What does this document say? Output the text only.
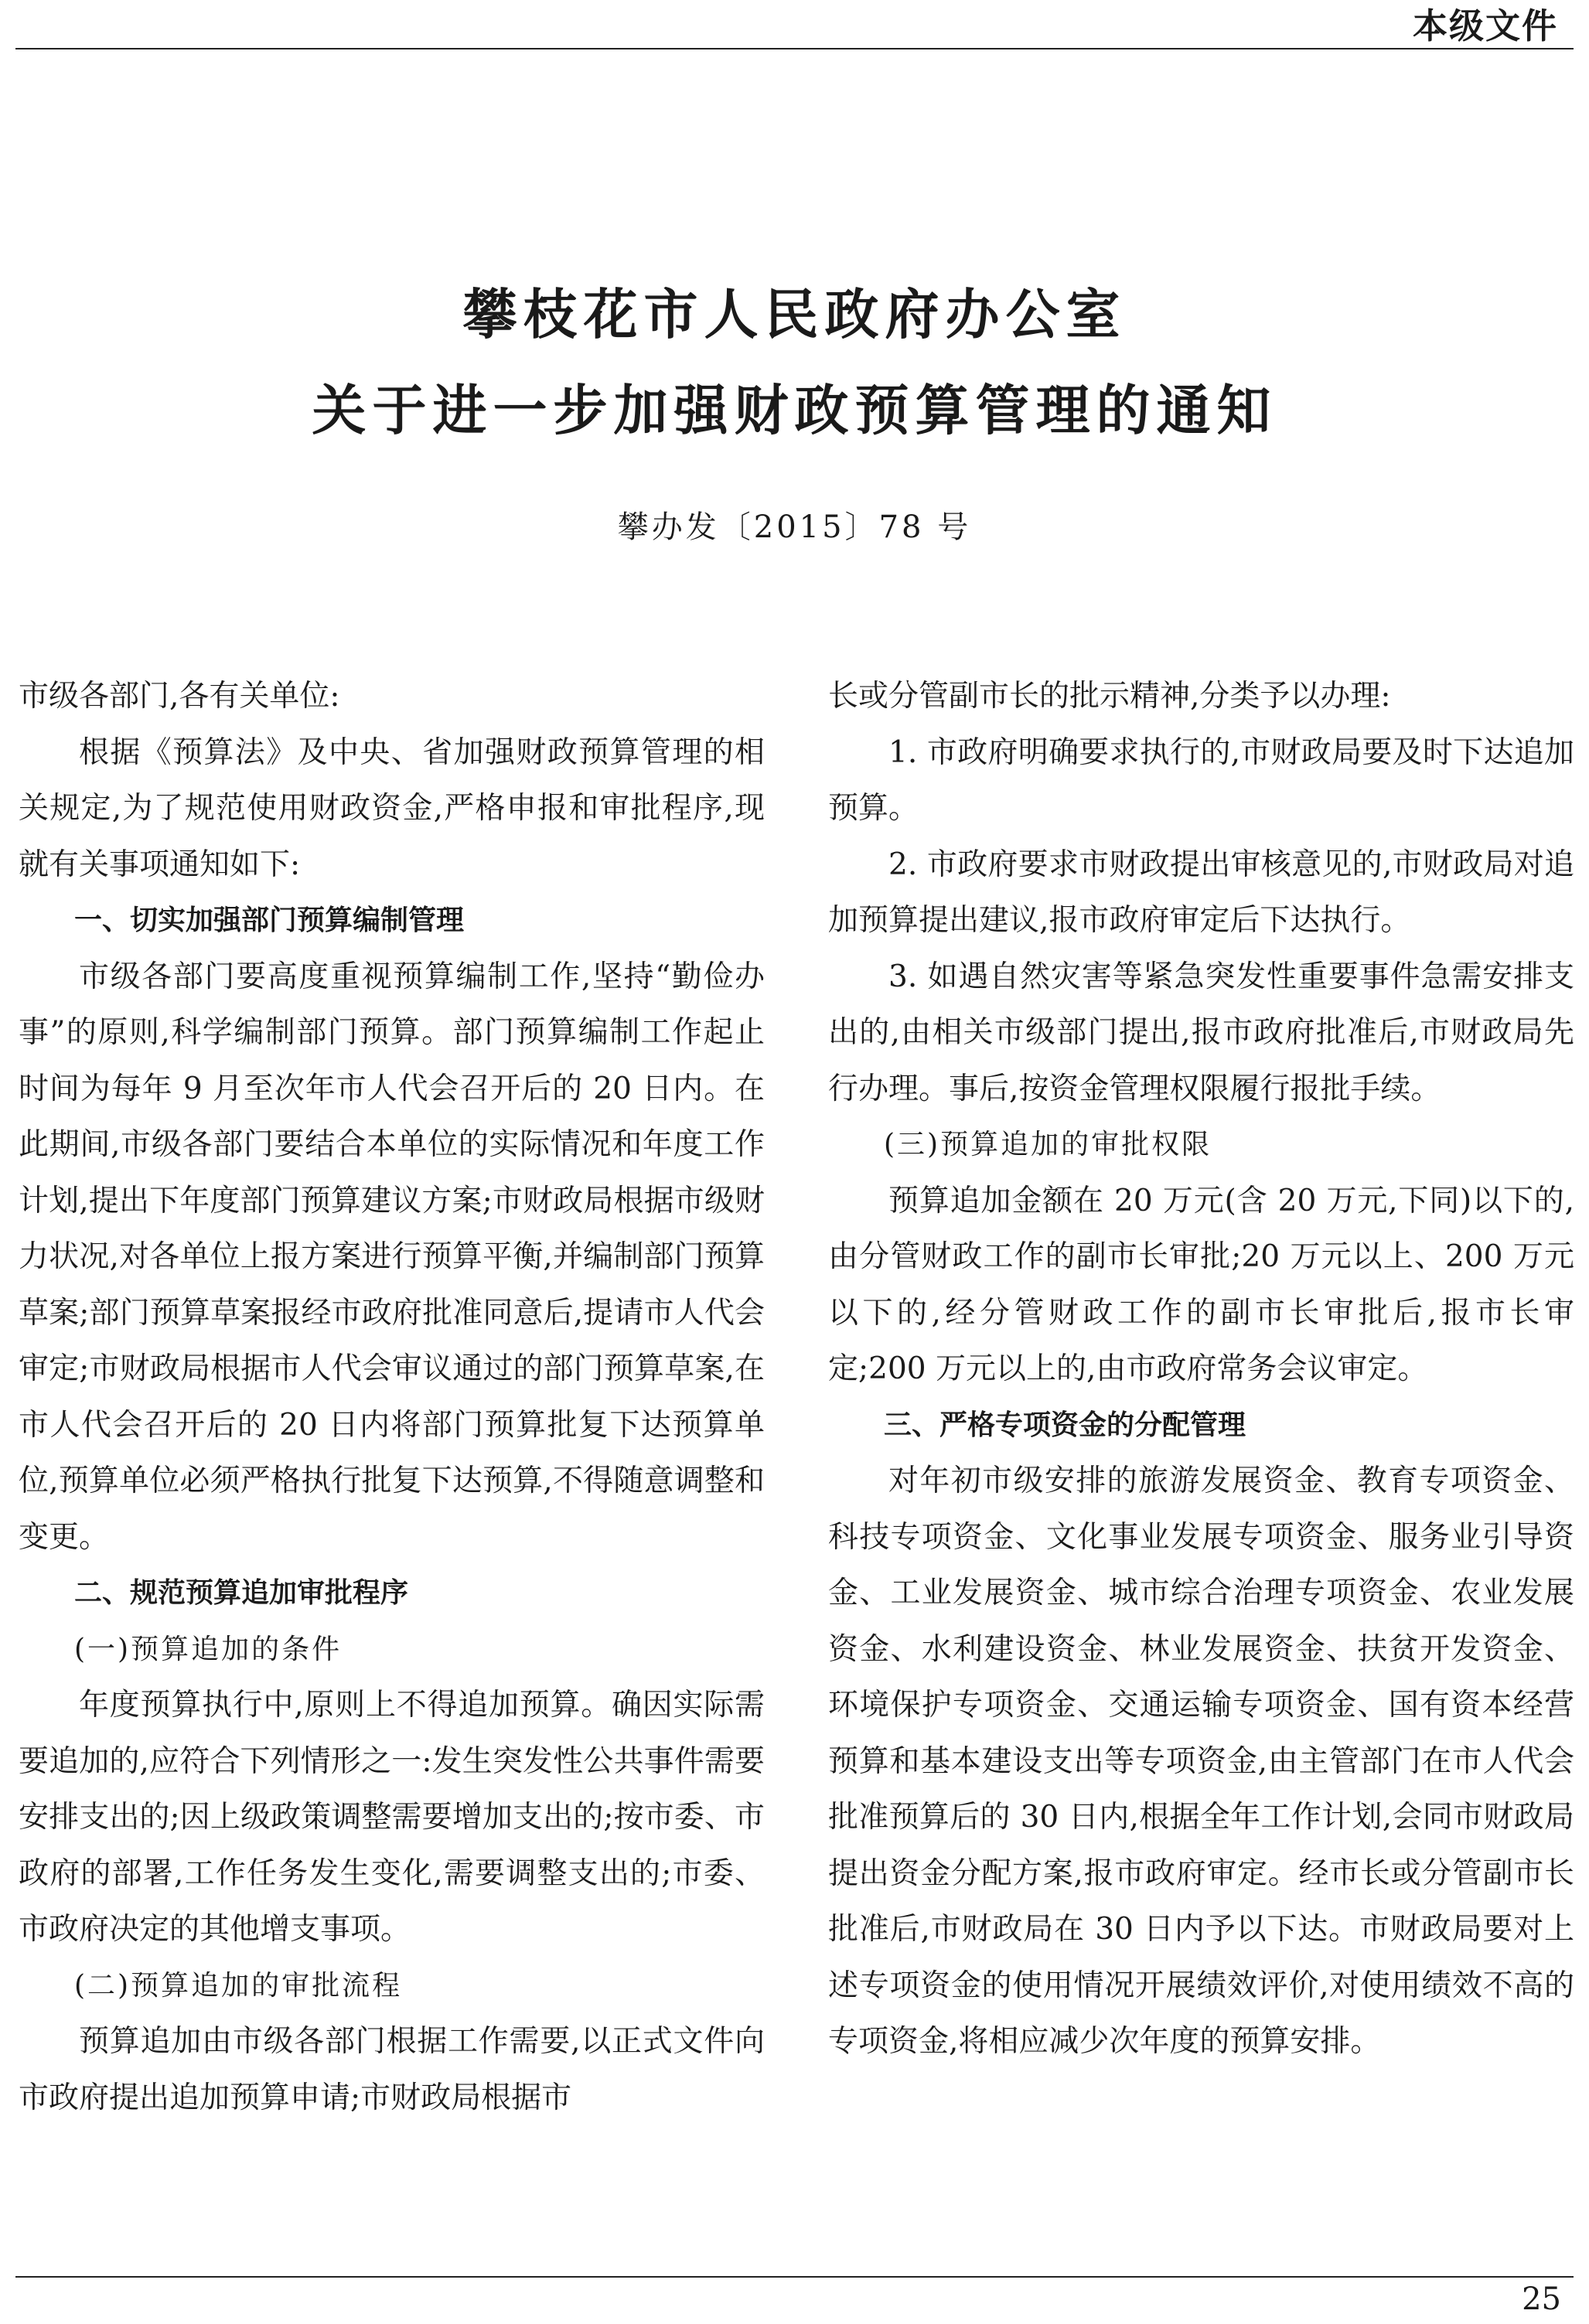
本级文件
攀枝花市人民政府办公室
关于进一步加强财政预算管理的通知
攀办发〔2015〕78 号

市级各部门,各有关单位:

根据《预算法》及中央、省加强财政预算管理的相关规定,为了规范使用财政资金,严格申报和审批程序,现就有关事项通知如下:

一、切实加强部门预算编制管理

市级各部门要高度重视预算编制工作,坚持“勤俭办事”的原则,科学编制部门预算。部门预算编制工作起止时间为每年 9 月至次年市人代会召开后的 20 日内。在此期间,市级各部门要结合本单位的实际情况和年度工作计划,提出下年度部门预算建议方案;市财政局根据市级财力状况,对各单位上报方案进行预算平衡,并编制部门预算草案;部门预算草案报经市政府批准同意后,提请市人代会审定;市财政局根据市人代会审议通过的部门预算草案,在市人代会召开后的 20 日内将部门预算批复下达预算单位,预算单位必须严格执行批复下达预算,不得随意调整和变更。

二、规范预算追加审批程序

(一)预算追加的条件

年度预算执行中,原则上不得追加预算。确因实际需要追加的,应符合下列情形之一:发生突发性公共事件需要安排支出的;因上级政策调整需要增加支出的;按市委、市政府的部署,工作任务发生变化,需要调整支出的;市委、市政府决定的其他增支事项。

(二)预算追加的审批流程

预算追加由市级各部门根据工作需要,以正式文件向市政府提出追加预算申请;市财政局根据市

长或分管副市长的批示精神,分类予以办理:

1. 市政府明确要求执行的,市财政局要及时下达追加预算。

2. 市政府要求市财政提出审核意见的,市财政局对追加预算提出建议,报市政府审定后下达执行。

3. 如遇自然灾害等紧急突发性重要事件急需安排支出的,由相关市级部门提出,报市政府批准后,市财政局先行办理。事后,按资金管理权限履行报批手续。

(三)预算追加的审批权限

预算追加金额在 20 万元(含 20 万元,下同)以下的,由分管财政工作的副市长审批;20 万元以上、200 万元以下的,经分管财政工作的副市长审批后,报市长审定;200 万元以上的,由市政府常务会议审定。

三、严格专项资金的分配管理

对年初市级安排的旅游发展资金、教育专项资金、科技专项资金、文化事业发展专项资金、服务业引导资金、工业发展资金、城市综合治理专项资金、农业发展资金、水利建设资金、林业发展资金、扶贫开发资金、环境保护专项资金、交通运输专项资金、国有资本经营预算和基本建设支出等专项资金,由主管部门在市人代会批准预算后的 30 日内,根据全年工作计划,会同市财政局提出资金分配方案,报市政府审定。经市长或分管副市长批准后,市财政局在 30 日内予以下达。市财政局要对上述专项资金的使用情况开展绩效评价,对使用绩效不高的专项资金,将相应减少次年度的预算安排。

25
